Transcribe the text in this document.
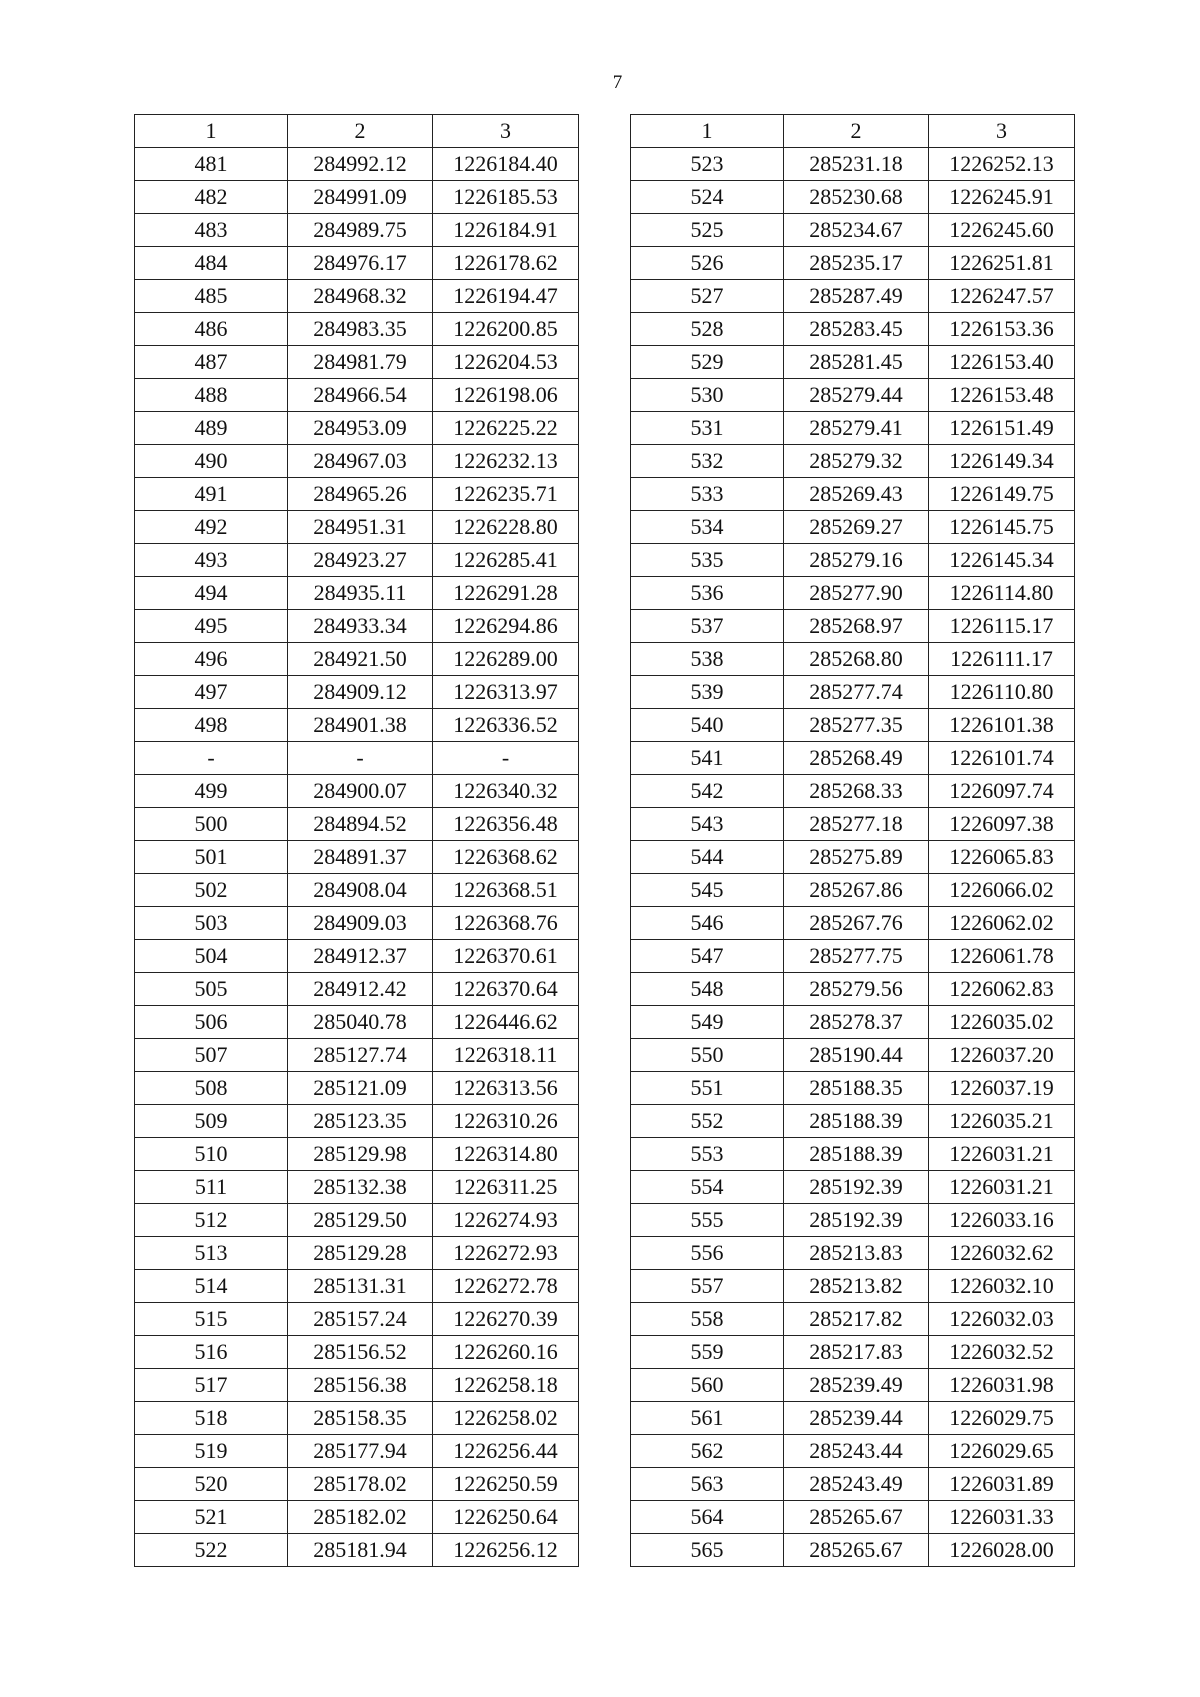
7
1	2	3
481	284992.12	1226184.40
482	284991.09	1226185.53
483	284989.75	1226184.91
484	284976.17	1226178.62
485	284968.32	1226194.47
486	284983.35	1226200.85
487	284981.79	1226204.53
488	284966.54	1226198.06
489	284953.09	1226225.22
490	284967.03	1226232.13
491	284965.26	1226235.71
492	284951.31	1226228.80
493	284923.27	1226285.41
494	284935.11	1226291.28
495	284933.34	1226294.86
496	284921.50	1226289.00
497	284909.12	1226313.97
498	284901.38	1226336.52
-	-	-
499	284900.07	1226340.32
500	284894.52	1226356.48
501	284891.37	1226368.62
502	284908.04	1226368.51
503	284909.03	1226368.76
504	284912.37	1226370.61
505	284912.42	1226370.64
506	285040.78	1226446.62
507	285127.74	1226318.11
508	285121.09	1226313.56
509	285123.35	1226310.26
510	285129.98	1226314.80
511	285132.38	1226311.25
512	285129.50	1226274.93
513	285129.28	1226272.93
514	285131.31	1226272.78
515	285157.24	1226270.39
516	285156.52	1226260.16
517	285156.38	1226258.18
518	285158.35	1226258.02
519	285177.94	1226256.44
520	285178.02	1226250.59
521	285182.02	1226250.64
522	285181.94	1226256.12
1	2	3
523	285231.18	1226252.13
524	285230.68	1226245.91
525	285234.67	1226245.60
526	285235.17	1226251.81
527	285287.49	1226247.57
528	285283.45	1226153.36
529	285281.45	1226153.40
530	285279.44	1226153.48
531	285279.41	1226151.49
532	285279.32	1226149.34
533	285269.43	1226149.75
534	285269.27	1226145.75
535	285279.16	1226145.34
536	285277.90	1226114.80
537	285268.97	1226115.17
538	285268.80	1226111.17
539	285277.74	1226110.80
540	285277.35	1226101.38
541	285268.49	1226101.74
542	285268.33	1226097.74
543	285277.18	1226097.38
544	285275.89	1226065.83
545	285267.86	1226066.02
546	285267.76	1226062.02
547	285277.75	1226061.78
548	285279.56	1226062.83
549	285278.37	1226035.02
550	285190.44	1226037.20
551	285188.35	1226037.19
552	285188.39	1226035.21
553	285188.39	1226031.21
554	285192.39	1226031.21
555	285192.39	1226033.16
556	285213.83	1226032.62
557	285213.82	1226032.10
558	285217.82	1226032.03
559	285217.83	1226032.52
560	285239.49	1226031.98
561	285239.44	1226029.75
562	285243.44	1226029.65
563	285243.49	1226031.89
564	285265.67	1226031.33
565	285265.67	1226028.00
